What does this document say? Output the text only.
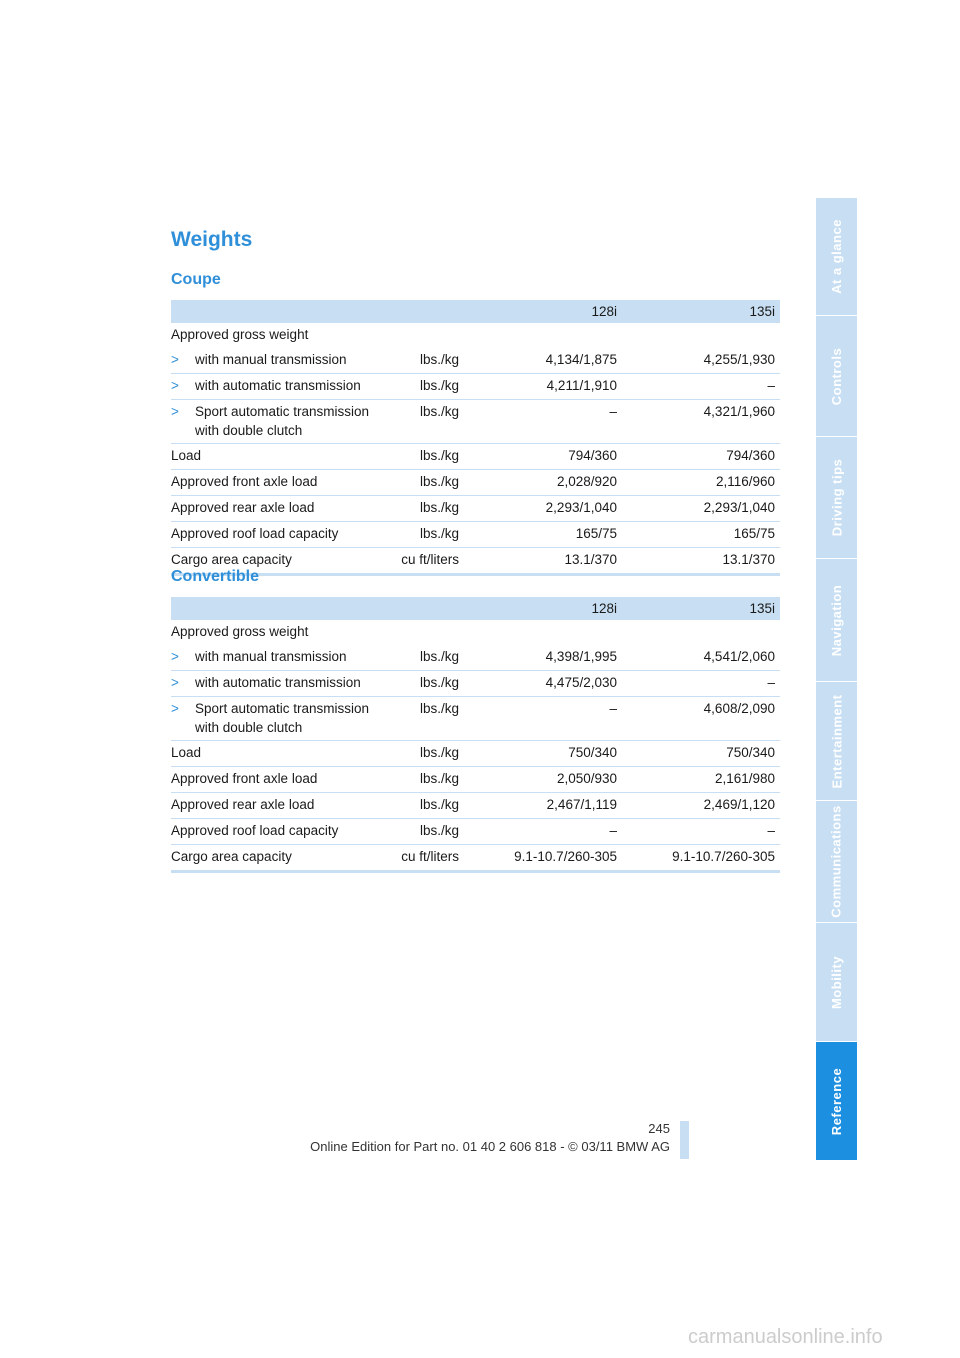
Weights
Coupe
		128i	135i
Approved gross weight			
> with manual transmission	lbs./kg	4,134/1,875	4,255/1,930
> with automatic transmission	lbs./kg	4,211/1,910	–
> Sport automatic transmission with double clutch	lbs./kg	–	4,321/1,960
Load	lbs./kg	794/360	794/360
Approved front axle load	lbs./kg	2,028/920	2,116/960
Approved rear axle load	lbs./kg	2,293/1,040	2,293/1,040
Approved roof load capacity	lbs./kg	165/75	165/75
Cargo area capacity	cu ft/liters	13.1/370	13.1/370
Convertible
		128i	135i
Approved gross weight			
> with manual transmission	lbs./kg	4,398/1,995	4,541/2,060
> with automatic transmission	lbs./kg	4,475/2,030	–
> Sport automatic transmission with double clutch	lbs./kg	–	4,608/2,090
Load	lbs./kg	750/340	750/340
Approved front axle load	lbs./kg	2,050/930	2,161/980
Approved rear axle load	lbs./kg	2,467/1,119	2,469/1,120
Approved roof load capacity	lbs./kg	–	–
Cargo area capacity	cu ft/liters	9.1-10.7/260-305	9.1-10.7/260-305
At a glance
Controls
Driving tips
Navigation
Entertainment
Communications
Mobility
Reference
245
Online Edition for Part no. 01 40 2 606 818 - © 03/11 BMW AG
carmanualsonline.info
